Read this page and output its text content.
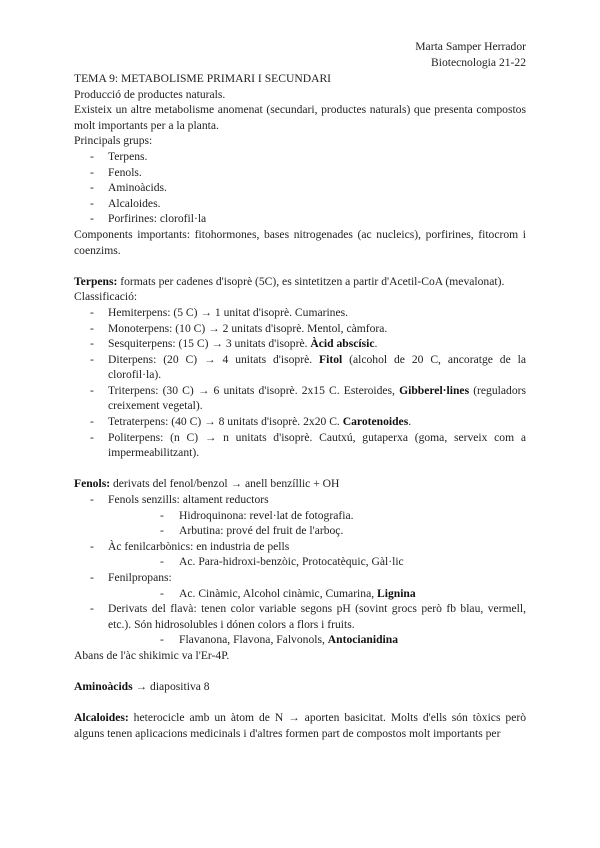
Marta Samper Herrador
Biotecnologia 21-22

TEMA 9: METABOLISME PRIMARI I SECUNDARI

Producció de productes naturals.

Existeix un altre metabolisme anomenat (secundari, productes naturals) que presenta compostos molt importants per a la planta.

Principals grups:

- Terpens.
- Fenols.
- Aminoàcids.
- Alcaloides.
- Porfirines: clorofil·la

Components importants: fitohormones, bases nitrogenades (ac nucleics), porfirines, fitocrom i coenzims.

Terpens: formats per cadenes d'isoprè (5C), es sintetitzen a partir d'Acetil-CoA (mevalonat).

Classificació:

- Hemiterpens: (5 C) → 1 unitat d'isoprè. Cumarines.
- Monoterpens: (10 C) → 2 unitats d'isoprè. Mentol, càmfora.
- Sesquiterpens: (15 C) → 3 unitats d'isoprè. Àcid abscísic.
- Diterpens: (20 C) → 4 unitats d'isoprè. Fitol (alcohol de 20 C, ancoratge de la clorofil·la).
- Triterpens: (30 C) → 6 unitats d'isoprè. 2x15 C. Esteroides, Gibberel·lines (reguladors creixement vegetal).
- Tetraterpens: (40 C) → 8 unitats d'isoprè. 2x20 C. Carotenoides.
- Politerpens: (n C) → n unitats d'isoprè. Cautxú, gutaperxa (goma, serveix com a impermeabilitzant).

Fenols: derivats del fenol/benzol → anell benzíllic + OH

- Fenols senzills: altament reductors
- Hidroquinona: revel·lat de fotografia.
- Arbutina: prové del fruit de l'arboç.
- Àc fenilcarbònics: en industria de pells
- Ac. Para-hidroxi-benzòic, Protocatèquic, Gàl·lic
- Fenilpropans:
- Ac. Cinàmic, Alcohol cinàmic, Cumarina, Lignina
- Derivats del flavà: tenen color variable segons pH (sovint grocs però fb blau, vermell, etc.). Són hidrosolubles i dónen colors a flors i fruits.
- Flavanona, Flavona, Falvonols, Antocianidina

Abans de l'àc shikimic va l'Er-4P.

Aminoàcids → diapositiva 8

Alcaloides: heterocicle amb un àtom de N → aporten basicitat. Molts d'ells són tòxics però alguns tenen aplicacions medicinals i d'altres formen part de compostos molt importants per
